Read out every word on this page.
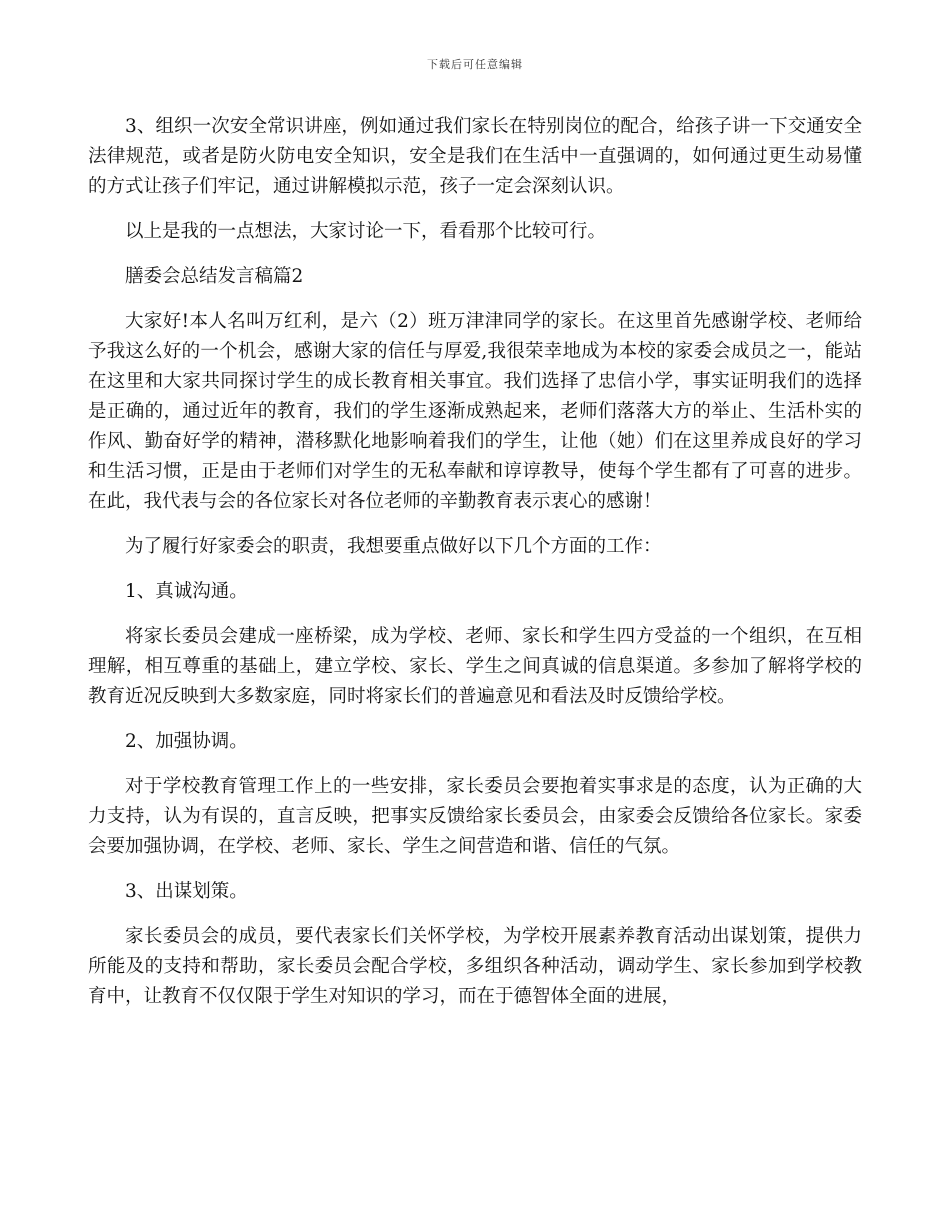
下载后可任意编辑

3、组织一次安全常识讲座，例如通过我们家长在特别岗位的配合，给孩子讲一下交通安全法律规范，或者是防火防电安全知识，安全是我们在生活中一直强调的，如何通过更生动易懂的方式让孩子们牢记，通过讲解模拟示范，孩子一定会深刻认识。

以上是我的一点想法，大家讨论一下，看看那个比较可行。

膳委会总结发言稿篇2

大家好!本人名叫万红利，是六（2）班万津津同学的家长。在这里首先感谢学校、老师给予我这么好的一个机会，感谢大家的信任与厚爱,我很荣幸地成为本校的家委会成员之一，能站在这里和大家共同探讨学生的成长教育相关事宜。我们选择了忠信小学，事实证明我们的选择是正确的，通过近年的教育，我们的学生逐渐成熟起来，老师们落落大方的举止、生活朴实的作风、勤奋好学的精神，潜移默化地影响着我们的学生，让他（她）们在这里养成良好的学习和生活习惯，正是由于老师们对学生的无私奉献和谆谆教导，使每个学生都有了可喜的进步。在此，我代表与会的各位家长对各位老师的辛勤教育表示衷心的感谢！

为了履行好家委会的职责，我想要重点做好以下几个方面的工作：

1、真诚沟通。

将家长委员会建成一座桥梁，成为学校、老师、家长和学生四方受益的一个组织，在互相理解，相互尊重的基础上，建立学校、家长、学生之间真诚的信息渠道。多参加了解将学校的教育近况反映到大多数家庭，同时将家长们的普遍意见和看法及时反馈给学校。

2、加强协调。

对于学校教育管理工作上的一些安排，家长委员会要抱着实事求是的态度，认为正确的大力支持，认为有误的，直言反映，把事实反馈给家长委员会，由家委会反馈给各位家长。家委会要加强协调，在学校、老师、家长、学生之间营造和谐、信任的气氛。

3、出谋划策。

家长委员会的成员，要代表家长们关怀学校，为学校开展素养教育活动出谋划策，提供力所能及的支持和帮助，家长委员会配合学校，多组织各种活动，调动学生、家长参加到学校教育中，让教育不仅仅限于学生对知识的学习，而在于德智体全面的进展，
